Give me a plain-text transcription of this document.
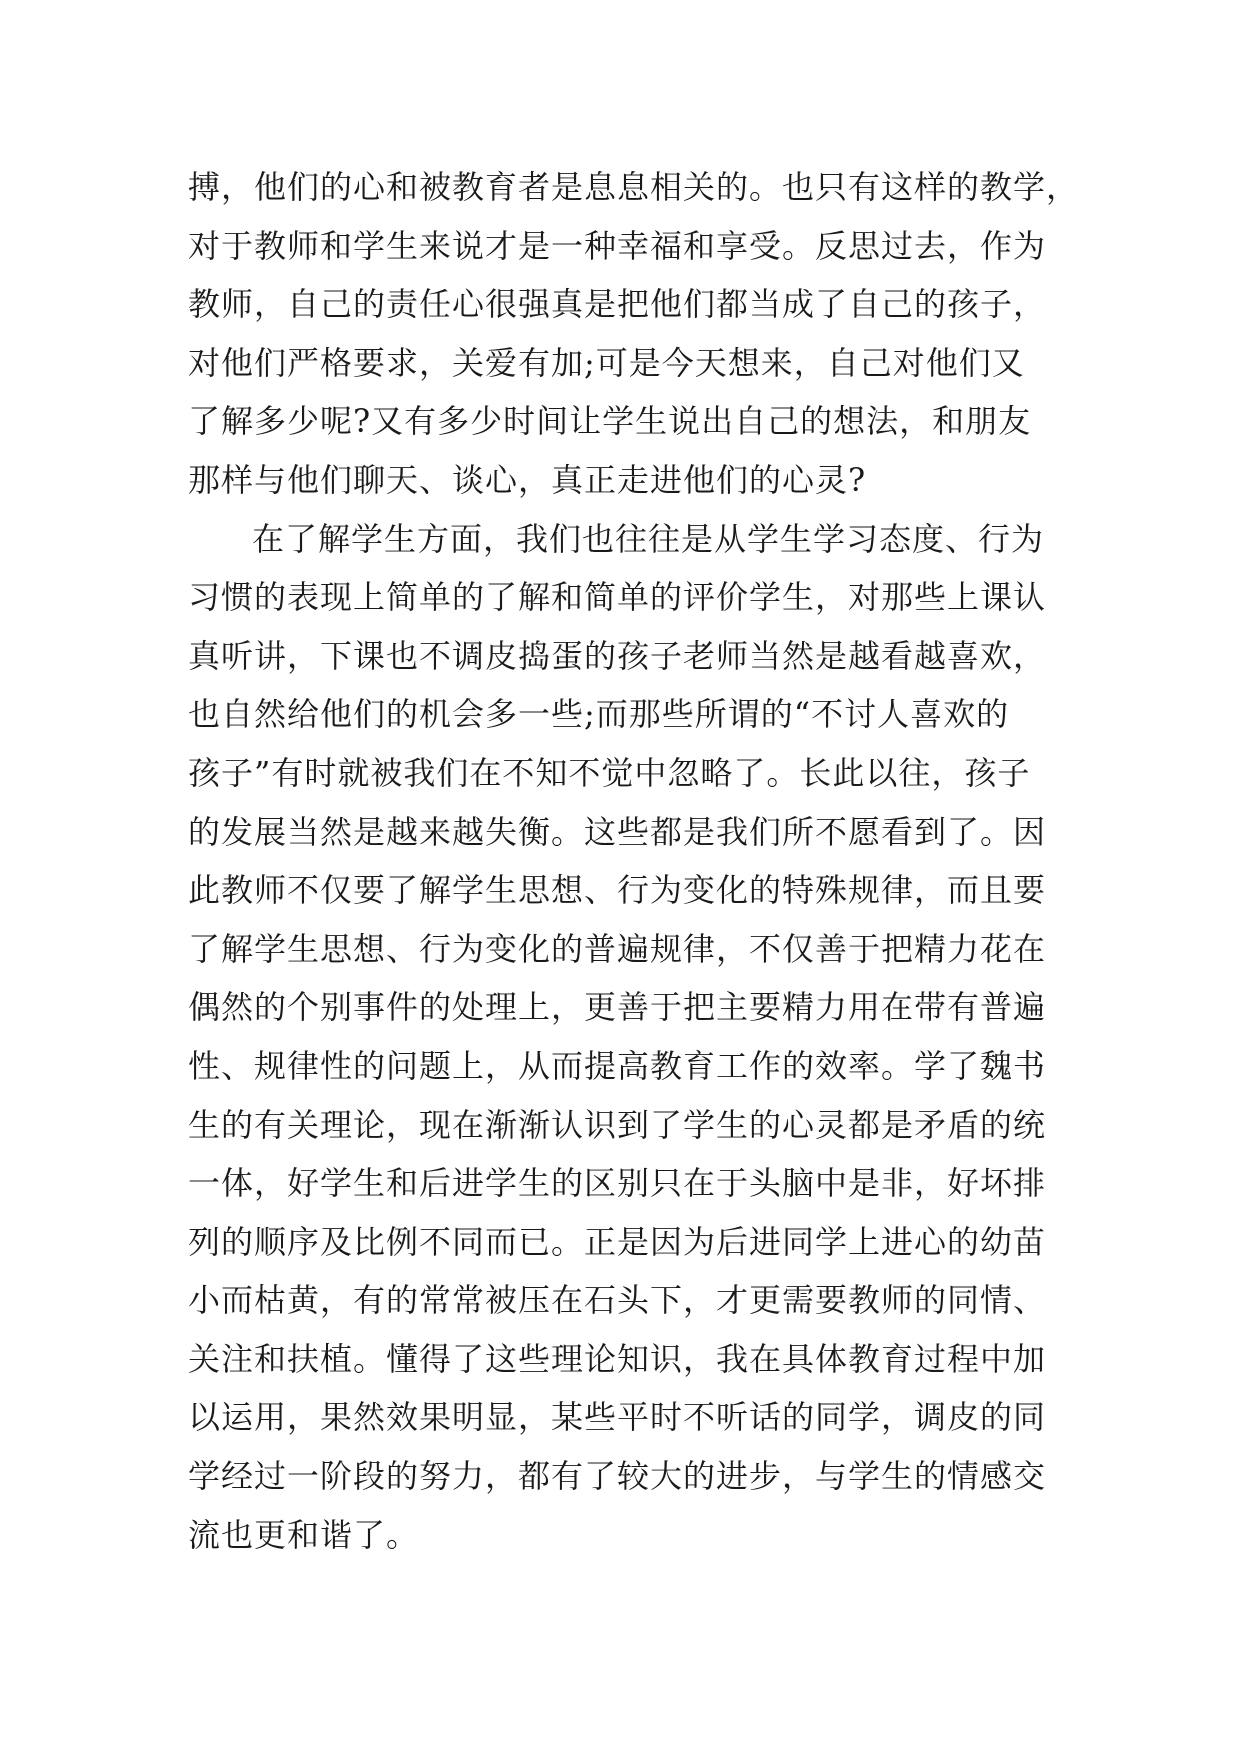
搏，他们的心和被教育者是息息相关的。也只有这样的教学，
对于教师和学生来说才是一种幸福和享受。反思过去，作为
教师，自己的责任心很强真是把他们都当成了自己的孩子，
对他们严格要求，关爱有加;可是今天想来，自己对他们又
了解多少呢?又有多少时间让学生说出自己的想法，和朋友
那样与他们聊天、谈心，真正走进他们的心灵?
在了解学生方面，我们也往往是从学生学习态度、行为
习惯的表现上简单的了解和简单的评价学生，对那些上课认
真听讲，下课也不调皮捣蛋的孩子老师当然是越看越喜欢，
也自然给他们的机会多一些;而那些所谓的“不讨人喜欢的
孩子”有时就被我们在不知不觉中忽略了。长此以往，孩子
的发展当然是越来越失衡。这些都是我们所不愿看到了。因
此教师不仅要了解学生思想、行为变化的特殊规律，而且要
了解学生思想、行为变化的普遍规律，不仅善于把精力花在
偶然的个别事件的处理上，更善于把主要精力用在带有普遍
性、规律性的问题上，从而提高教育工作的效率。学了魏书
生的有关理论，现在渐渐认识到了学生的心灵都是矛盾的统
一体，好学生和后进学生的区别只在于头脑中是非，好坏排
列的顺序及比例不同而已。正是因为后进同学上进心的幼苗
小而枯黄，有的常常被压在石头下，才更需要教师的同情、
关注和扶植。懂得了这些理论知识，我在具体教育过程中加
以运用，果然效果明显，某些平时不听话的同学，调皮的同
学经过一阶段的努力，都有了较大的进步，与学生的情感交
流也更和谐了。
